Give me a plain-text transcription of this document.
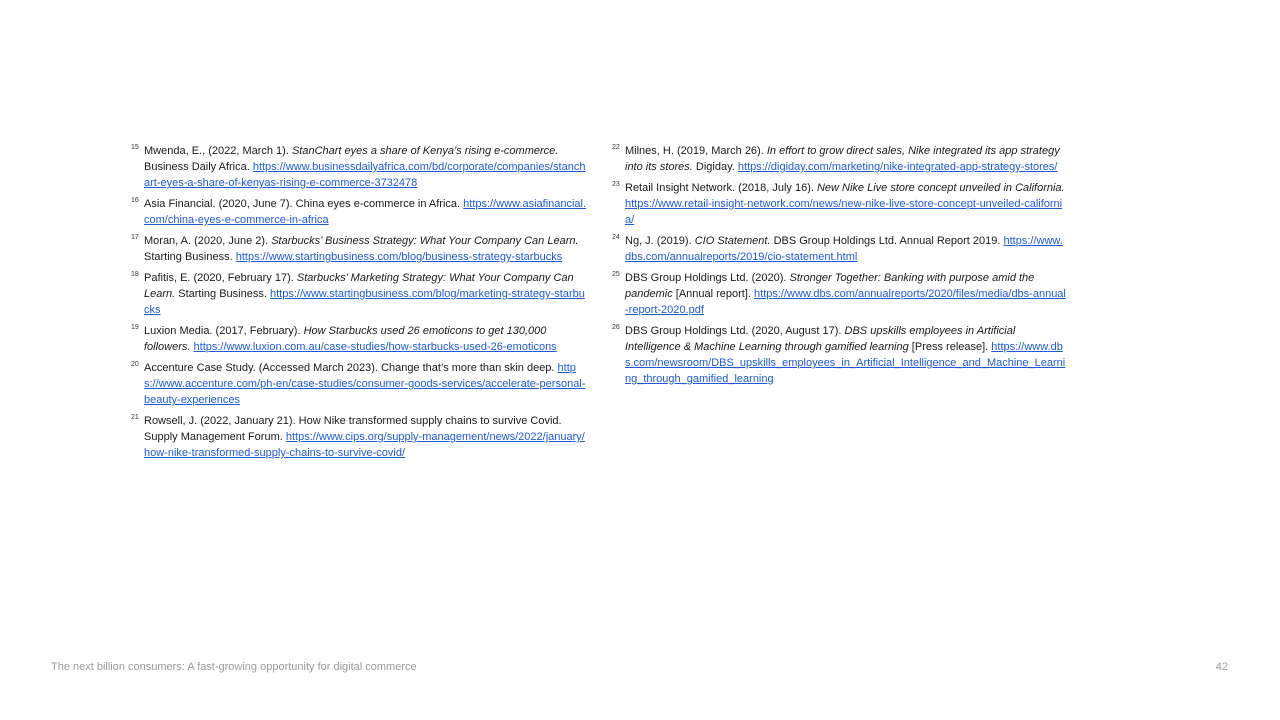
15 Mwenda, E., (2022, March 1). StanChart eyes a share of Kenya’s rising e-commerce. Business Daily Africa. https://www.businessdailyafrica.com/bd/corporate/companies/stanchart-eyes-a-share-of-kenyas-rising-e-commerce-3732478
16 Asia Financial. (2020, June 7). China eyes e-commerce in Africa. https://www.asiafinancial.com/china-eyes-e-commerce-in-africa
17 Moran, A. (2020, June 2). Starbucks’ Business Strategy: What Your Company Can Learn. Starting Business. https://www.startingbusiness.com/blog/business-strategy-starbucks
18 Pafitis, E. (2020, February 17). Starbucks’ Marketing Strategy: What Your Company Can Learn. Starting Business. https://www.startingbusiness.com/blog/marketing-strategy-starbucks
19 Luxion Media. (2017, February). How Starbucks used 26 emoticons to get 130,000 followers. https://www.luxion.com.au/case-studies/how-starbucks-used-26-emoticons
20 Accenture Case Study. (Accessed March 2023). Change that’s more than skin deep. https://www.accenture.com/ph-en/case-studies/consumer-goods-services/accelerate-personal-beauty-experiences
21 Rowsell, J. (2022, January 21). How Nike transformed supply chains to survive Covid. Supply Management Forum. https://www.cips.org/supply-management/news/2022/january/how-nike-transformed-supply-chains-to-survive-covid/
22 Milnes, H. (2019, March 26). In effort to grow direct sales, Nike integrated its app strategy into its stores. Digiday. https://digiday.com/marketing/nike-integrated-app-strategy-stores/
23 Retail Insight Network. (2018, July 16). New Nike Live store concept unveiled in California. https://www.retail-insight-network.com/news/new-nike-live-store-concept-unveiled-california/
24 Ng, J. (2019). CIO Statement. DBS Group Holdings Ltd. Annual Report 2019. https://www.dbs.com/annualreports/2019/cio-statement.html
25 DBS Group Holdings Ltd. (2020). Stronger Together: Banking with purpose amid the pandemic [Annual report]. https://www.dbs.com/annualreports/2020/files/media/dbs-annual-report-2020.pdf
26 DBS Group Holdings Ltd. (2020, August 17). DBS upskills employees in Artificial Intelligence & Machine Learning through gamified learning [Press release]. https://www.dbs.com/newsroom/DBS_upskills_employees_in_Artificial_Intelligence_and_Machine_Learning_through_gamified_learning
The next billion consumers: A fast-growing opportunity for digital commerce	42
